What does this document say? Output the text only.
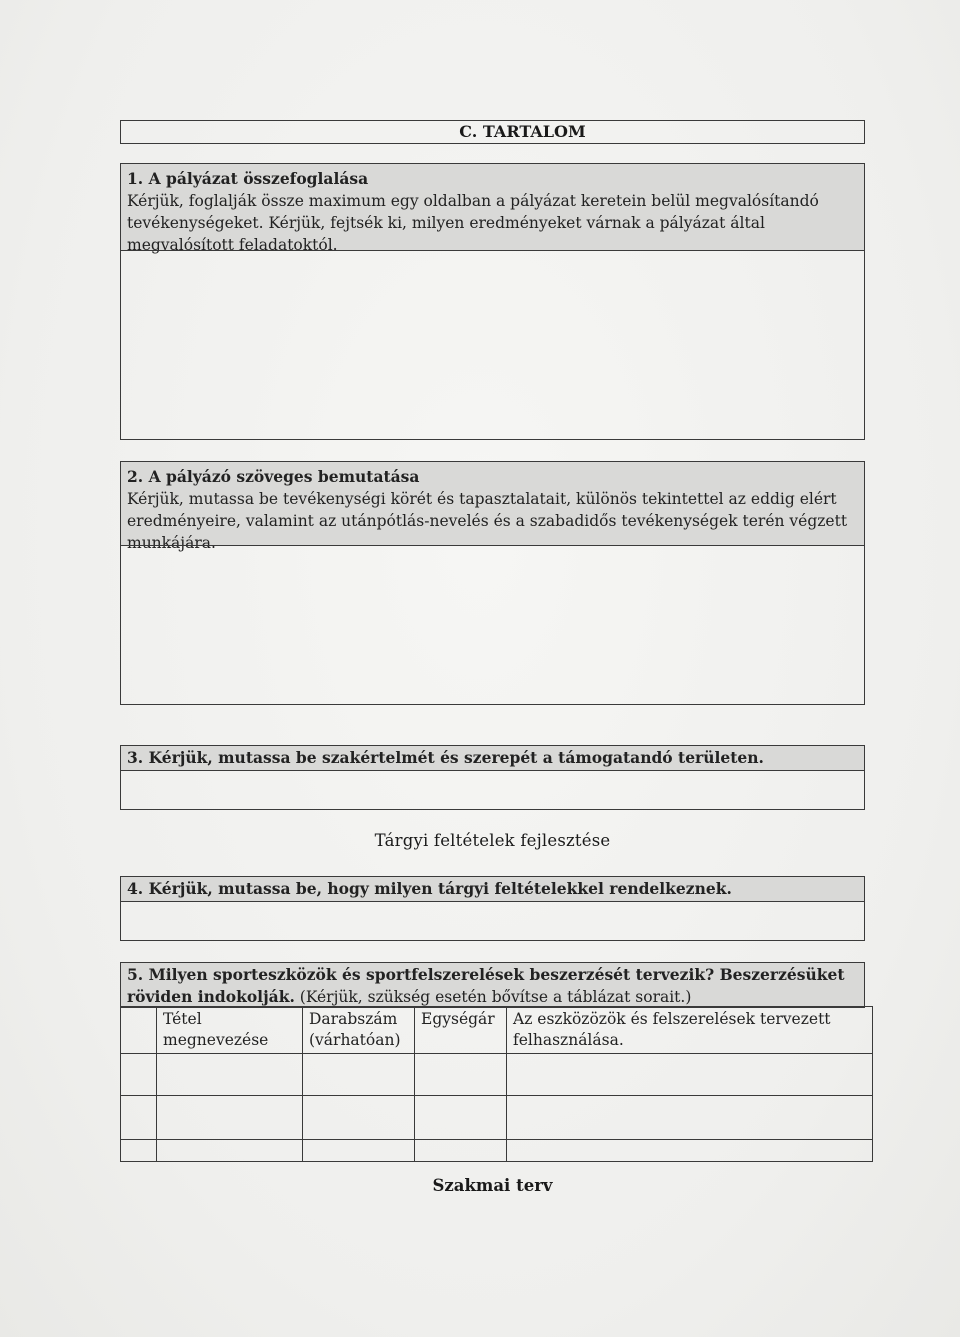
C. TARTALOM
1. A pályázat összefoglalása
Kérjük, foglalják össze maximum egy oldalban a pályázat keretein belül megvalósítandó tevékenységeket. Kérjük, fejtsék ki, milyen eredményeket várnak a pályázat által megvalósított feladatoktól.
2. A pályázó szöveges bemutatása
Kérjük, mutassa be tevékenységi körét és tapasztalatait, különös tekintettel az eddig elért eredményeire, valamint az utánpótlás-nevelés és a szabadidős tevékenységek terén végzett munkájára.
3. Kérjük, mutassa be szakértelmét és szerepét a támogatandó területen.
Tárgyi feltételek fejlesztése
4. Kérjük, mutassa be, hogy milyen tárgyi feltételekkel rendelkeznek.
5. Milyen sporteszközök és sportfelszerelések beszerzését tervezik? Beszerzésüket röviden indokolják. (Kérjük, szükség esetén bővítse a táblázat sorait.)
	Tétel megnevezése	Darabszám (várhatóan)	Egységár	Az eszközözök és felszerelések tervezett felhasználása.

Szakmai terv
